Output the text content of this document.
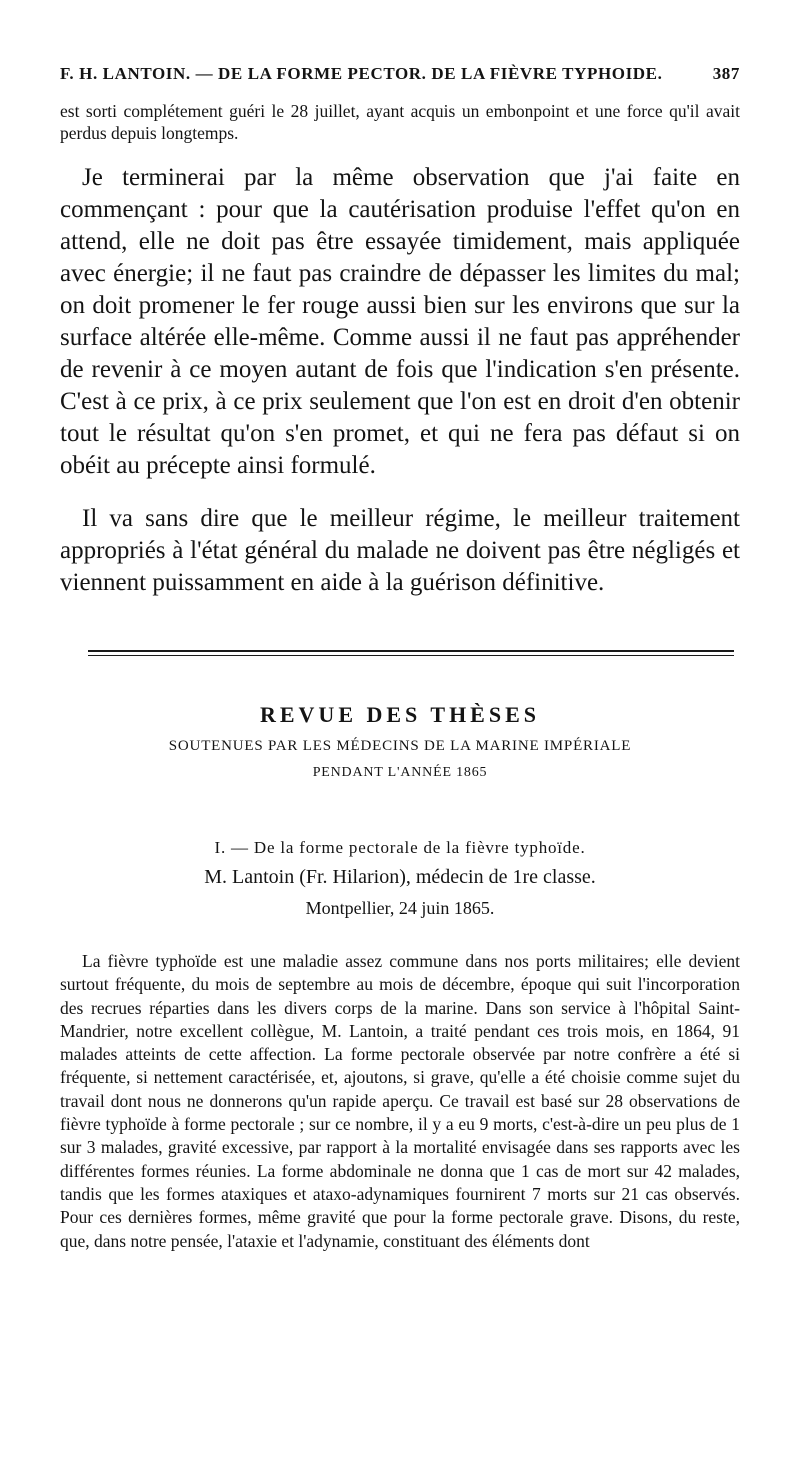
F. H. LANTOIN. — DE LA FORME PECTOR. DE LA FIÈVRE TYPHOIDE.	387

est sorti complétement guéri le 28 juillet, ayant acquis un embonpoint et une force qu'il avait perdus depuis longtemps.

Je terminerai par la même observation que j'ai faite en commençant : pour que la cautérisation produise l'effet qu'on en attend, elle ne doit pas être essayée timidement, mais appliquée avec énergie; il ne faut pas craindre de dépasser les limites du mal; on doit promener le fer rouge aussi bien sur les environs que sur la surface altérée elle-même. Comme aussi il ne faut pas appréhender de revenir à ce moyen autant de fois que l'indication s'en présente. C'est à ce prix, à ce prix seulement que l'on est en droit d'en obtenir tout le résultat qu'on s'en promet, et qui ne fera pas défaut si on obéit au précepte ainsi formulé.

Il va sans dire que le meilleur régime, le meilleur traitement appropriés à l'état général du malade ne doivent pas être négligés et viennent puissamment en aide à la guérison définitive.

REVUE DES THÈSES

SOUTENUES PAR LES MÉDECINS DE LA MARINE IMPÉRIALE

PENDANT L'ANNÉE 1865

I. — De la forme pectorale de la fièvre typhoïde.

M. Lantoin (Fr. Hilarion), médecin de 1re classe.

Montpellier, 24 juin 1865.

La fièvre typhoïde est une maladie assez commune dans nos ports militaires; elle devient surtout fréquente, du mois de septembre au mois de décembre, époque qui suit l'incorporation des recrues réparties dans les divers corps de la marine. Dans son service à l'hôpital Saint-Mandrier, notre excellent collègue, M. Lantoin, a traité pendant ces trois mois, en 1864, 91 malades atteints de cette affection. La forme pectorale observée par notre confrère a été si fréquente, si nettement caractérisée, et, ajoutons, si grave, qu'elle a été choisie comme sujet du travail dont nous ne donnerons qu'un rapide aperçu. Ce travail est basé sur 28 observations de fièvre typhoïde à forme pectorale ; sur ce nombre, il y a eu 9 morts, c'est-à-dire un peu plus de 1 sur 3 malades, gravité excessive, par rapport à la mortalité envisagée dans ses rapports avec les différentes formes réunies. La forme abdominale ne donna que 1 cas de mort sur 42 malades, tandis que les formes ataxiques et ataxo-adynamiques fournirent 7 morts sur 21 cas observés. Pour ces dernières formes, même gravité que pour la forme pectorale grave. Disons, du reste, que, dans notre pensée, l'ataxie et l'adynamie, constituant des éléments dont
